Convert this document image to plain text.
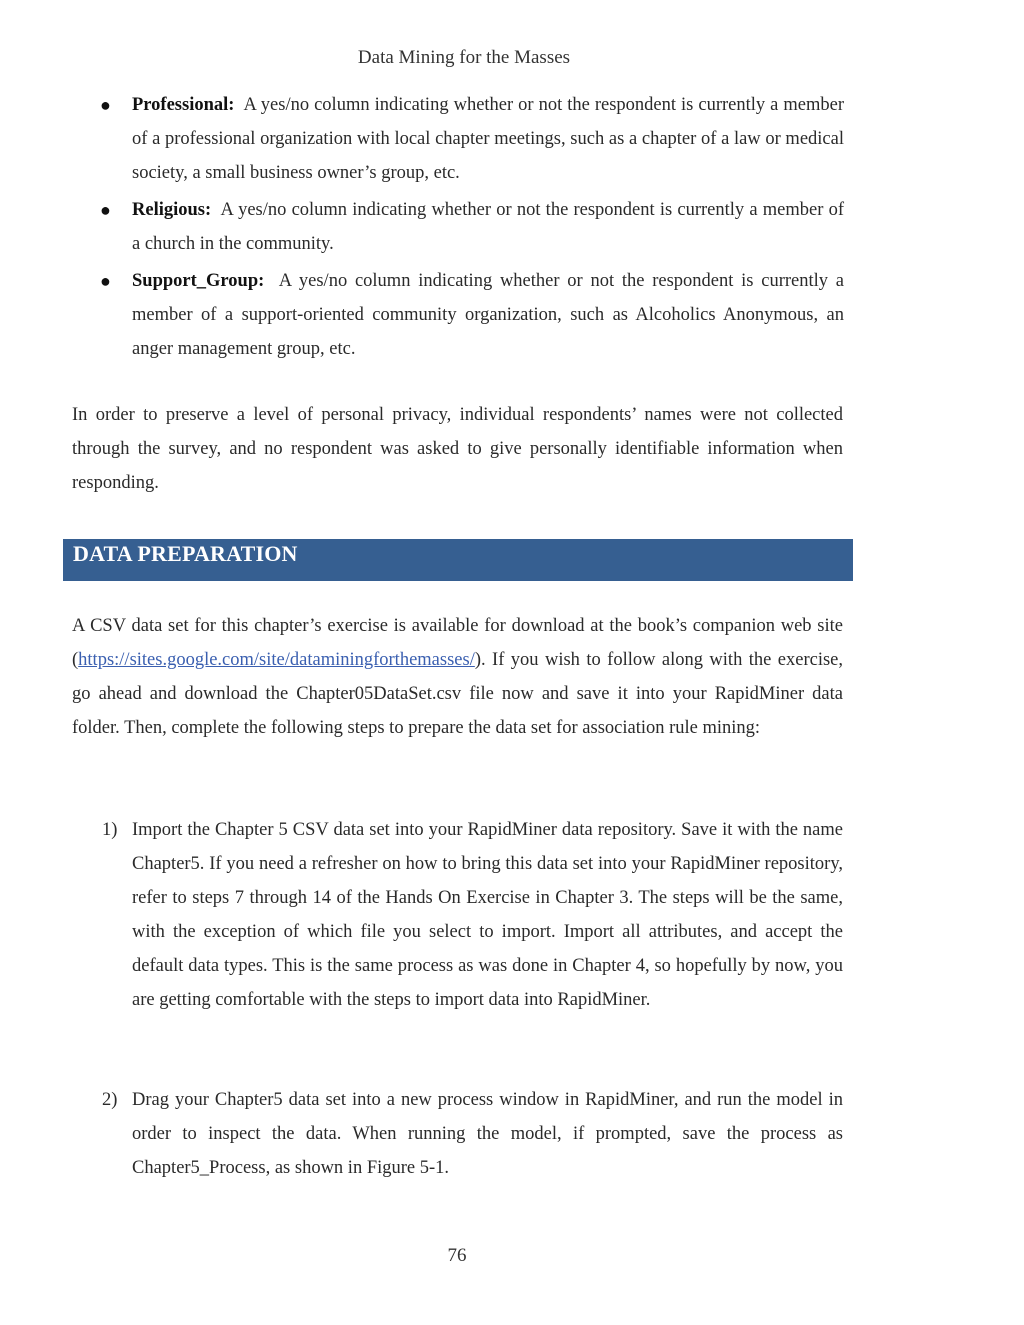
Data Mining for the Masses
● Professional: A yes/no column indicating whether or not the respondent is currently a member of a professional organization with local chapter meetings, such as a chapter of a law or medical society, a small business owner’s group, etc.
● Religious: A yes/no column indicating whether or not the respondent is currently a member of a church in the community.
● Support_Group: A yes/no column indicating whether or not the respondent is currently a member of a support-oriented community organization, such as Alcoholics Anonymous, an anger management group, etc.

In order to preserve a level of personal privacy, individual respondents’ names were not collected through the survey, and no respondent was asked to give personally identifiable information when responding.

DATA PREPARATION

A CSV data set for this chapter’s exercise is available for download at the book’s companion web site (https://sites.google.com/site/dataminingforthemasses/). If you wish to follow along with the exercise, go ahead and download the Chapter05DataSet.csv file now and save it into your RapidMiner data folder. Then, complete the following steps to prepare the data set for association rule mining:

1) Import the Chapter 5 CSV data set into your RapidMiner data repository. Save it with the name Chapter5. If you need a refresher on how to bring this data set into your RapidMiner repository, refer to steps 7 through 14 of the Hands On Exercise in Chapter 3. The steps will be the same, with the exception of which file you select to import. Import all attributes, and accept the default data types. This is the same process as was done in Chapter 4, so hopefully by now, you are getting comfortable with the steps to import data into RapidMiner.
2) Drag your Chapter5 data set into a new process window in RapidMiner, and run the model in order to inspect the data. When running the model, if prompted, save the process as Chapter5_Process, as shown in Figure 5-1.
76
